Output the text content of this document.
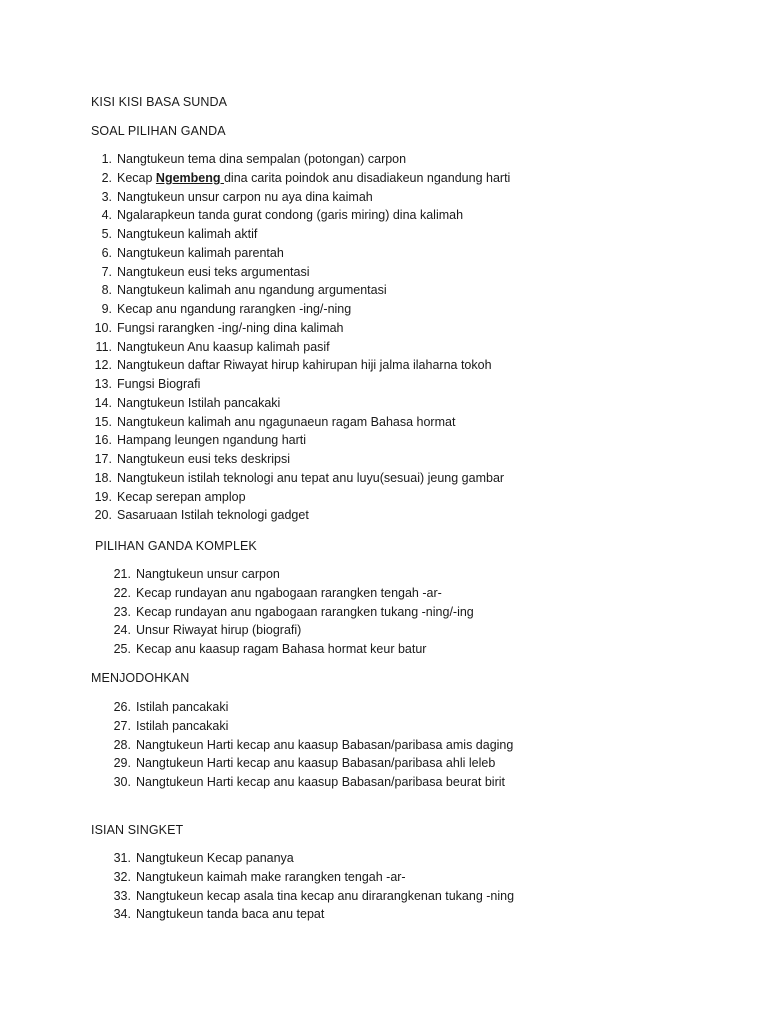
KISI KISI BASA SUNDA
SOAL PILIHAN GANDA
1. Nangtukeun tema dina sempalan (potongan) carpon
2. Kecap Ngembeng dina carita poindok anu disadiakeun ngandung harti
3. Nangtukeun unsur carpon nu aya dina kaimah
4. Ngalarapkeun tanda gurat condong (garis miring) dina kalimah
5. Nangtukeun kalimah aktif
6. Nangtukeun kalimah parentah
7. Nangtukeun eusi teks argumentasi
8. Nangtukeun kalimah anu ngandung argumentasi
9. Kecap anu ngandung rarangken -ing/-ning
10. Fungsi rarangken -ing/-ning dina kalimah
11. Nangtukeun Anu kaasup kalimah pasif
12. Nangtukeun daftar Riwayat hirup kahirupan hiji jalma ilaharna tokoh
13. Fungsi Biografi
14. Nangtukeun Istilah pancakaki
15. Nangtukeun kalimah anu ngagunaeun ragam Bahasa hormat
16. Hampang leungen ngandung harti
17. Nangtukeun eusi teks deskripsi
18. Nangtukeun istilah teknologi anu tepat anu luyu(sesuai) jeung gambar
19. Kecap serepan amplop
20. Sasaruaan Istilah teknologi gadget
PILIHAN GANDA KOMPLEK
21. Nangtukeun unsur carpon
22. Kecap rundayan anu ngabogaan rarangken tengah -ar-
23. Kecap rundayan anu ngabogaan rarangken tukang -ning/-ing
24. Unsur Riwayat hirup (biografi)
25. Kecap anu kaasup ragam Bahasa hormat keur batur
MENJODOHKAN
26. Istilah pancakaki
27. Istilah pancakaki
28. Nangtukeun Harti kecap anu kaasup Babasan/paribasa amis daging
29. Nangtukeun Harti kecap anu kaasup Babasan/paribasa ahli leleb
30. Nangtukeun Harti kecap anu kaasup Babasan/paribasa beurat birit
ISIAN SINGKET
31. Nangtukeun Kecap pananya
32. Nangtukeun kaimah make rarangken tengah -ar-
33. Nangtukeun kecap asala tina kecap anu dirarangkenan tukang -ning
34. Nangtukeun tanda baca anu tepat
